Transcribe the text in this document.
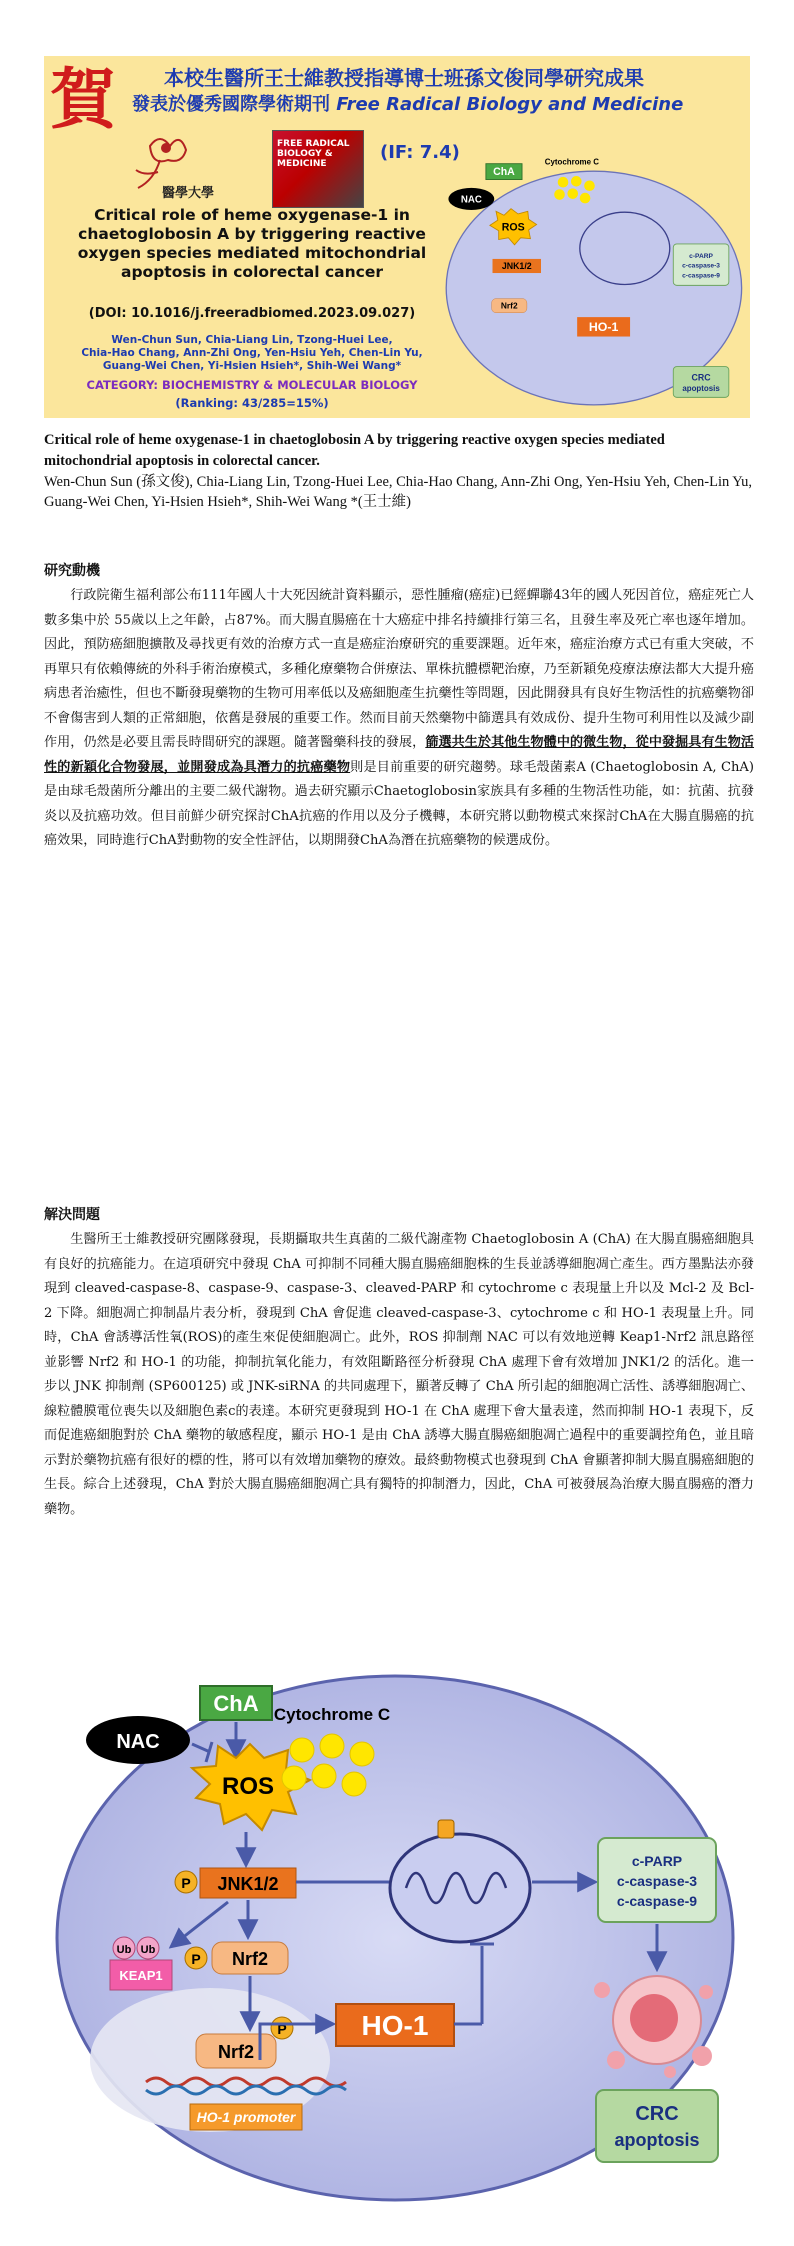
賀 本校生醫所王士維教授指導博士班孫文俊同學研究成果
發表於優秀國際學術期刊 Free Radical Biology and Medicine
(IF: 7.4)
醫學大學
FREE RADICAL BIOLOGY & MEDICINE
Critical role of heme oxygenase-1 in chaetoglobosin A by triggering reactive oxygen species mediated mitochondrial apoptosis in colorectal cancer
(DOI: 10.1016/j.freeradbiomed.2023.09.027)
Wen-Chun Sun, Chia-Liang Lin, Tzong-Huei Lee,
Chia-Hao Chang, Ann-Zhi Ong, Yen-Hsiu Yeh, Chen-Lin Yu,
Guang-Wei Chen, Yi-Hsien Hsieh*, Shih-Wei Wang*
CATEGORY: BIOCHEMISTRY & MOLECULAR BIOLOGY
(Ranking: 43/285=15%)
ChA
NAC
ROS
JNK1/2
Nrf2
HO-1
c-PARP
c-caspase-3
c-caspase-9
CRC
apoptosis
Cytochrome C
Critical role of heme oxygenase-1 in chaetoglobosin A by triggering reactive oxygen species mediated mitochondrial apoptosis in colorectal cancer.
Wen-Chun Sun (孫文俊), Chia-Liang Lin, Tzong-Huei Lee, Chia-Hao Chang, Ann-Zhi Ong, Yen-Hsiu Yeh, Chen-Lin Yu, Guang-Wei Chen, Yi-Hsien Hsieh*, Shih-Wei Wang *(王士維)
研究動機
行政院衛生福利部公布111年國人十大死因統計資料顯示，惡性腫瘤(癌症)已經蟬聯43年的國人死因首位，癌症死亡人數多集中於 55歲以上之年齡，占87%。而大腸直腸癌在十大癌症中排名持續排行第三名，且發生率及死亡率也逐年增加。因此，預防癌細胞擴散及尋找更有效的治療方式一直是癌症治療研究的重要課題。近年來，癌症治療方式已有重大突破，不再單只有依賴傳統的外科手術治療模式，多種化療藥物合併療法、單株抗體標靶治療，乃至新穎免疫療法療法都大大提升癌病患者治癒性，但也不斷發現藥物的生物可用率低以及癌細胞產生抗藥性等問題，因此開發具有良好生物活性的抗癌藥物卻不會傷害到人類的正常細胞，依舊是發展的重要工作。然而目前天然藥物中篩選具有效成份、提升生物可利用性以及減少副作用，仍然是必要且需長時間研究的課題。隨著醫藥科技的發展，篩選共生於其他生物體中的微生物，從中發掘具有生物活性的新穎化合物發展，並開發成為具潛力的抗癌藥物則是目前重要的研究趨勢。球毛殼菌素A (Chaetoglobosin A, ChA)是由球毛殼菌所分離出的主要二級代謝物。過去研究顯示Chaetoglobosin家族具有多種的生物活性功能，如：抗菌、抗發炎以及抗癌功效。但目前鮮少研究探討ChA抗癌的作用以及分子機轉，本研究將以動物模式來探討ChA在大腸直腸癌的抗癌效果，同時進行ChA對動物的安全性評估，以期開發ChA為潛在抗癌藥物的候選成份。
解決問題
生醫所王士維教授研究團隊發現，長期攝取共生真菌的二級代謝產物 Chaetoglobosin A (ChA) 在大腸直腸癌細胞具有良好的抗癌能力。在這項研究中發現 ChA 可抑制不同種大腸直腸癌細胞株的生長並誘導細胞凋亡產生。西方墨點法亦發現到 cleaved-caspase-8、caspase-9、caspase-3、cleaved-PARP 和 cytochrome c 表現量上升以及 Mcl-2 及 Bcl-2 下降。細胞凋亡抑制晶片表分析，發現到 ChA 會促進 cleaved-caspase-3、cytochrome c 和 HO-1 表現量上升。同時，ChA 會誘導活性氧(ROS)的產生來促使細胞凋亡。此外，ROS 抑制劑 NAC 可以有效地逆轉 Keap1-Nrf2 訊息路徑並影響 Nrf2 和 HO-1 的功能，抑制抗氧化能力，有效阻斷路徑分析發現 ChA 處理下會有效增加 JNK1/2 的活化。進一步以 JNK 抑制劑 (SP600125) 或 JNK-siRNA 的共同處理下，顯著反轉了 ChA 所引起的細胞凋亡活性、誘導細胞凋亡、線粒體膜電位喪失以及細胞色素c的表達。本研究更發現到 HO-1 在 ChA 處理下會大量表達，然而抑制 HO-1 表現下，反而促進癌細胞對於 ChA 藥物的敏感程度，顯示 HO-1 是由 ChA 誘導大腸直腸癌細胞凋亡過程中的重要調控角色，並且暗示對於藥物抗癌有很好的標的性，將可以有效增加藥物的療效。最終動物模式也發現到 ChA 會顯著抑制大腸直腸癌細胞的生長。綜合上述發現，ChA 對於大腸直腸癌細胞凋亡具有獨特的抑制潛力，因此，ChA 可被發展為治療大腸直腸癌的潛力藥物。
ChA
NAC
ROS
P JNK1/2
Ub Ub
KEAP1
P Nrf2
Nrf2
P
HO-1 promoter
HO-1
Cytochrome C
c-PARP
c-caspase-3
c-caspase-9
CRC
apoptosis
